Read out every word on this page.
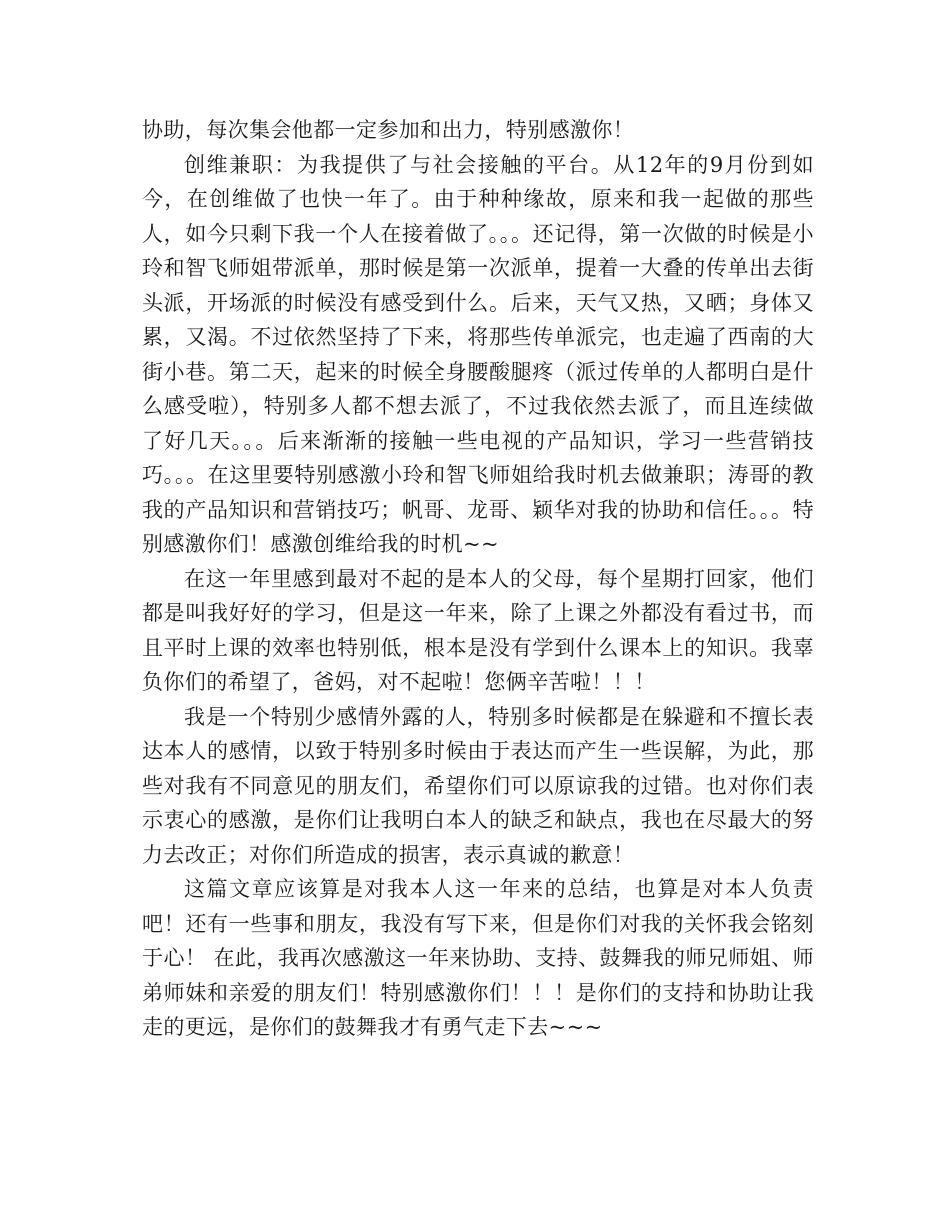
协助，每次集会他都一定参加和出力，特别感激你！

创维兼职：为我提供了与社会接触的平台。从12年的9月份到如今，在创维做了也快一年了。由于种种缘故，原来和我一起做的那些人，如今只剩下我一个人在接着做了。。。还记得，第一次做的时候是小玲和智飞师姐带派单，那时候是第一次派单，提着一大叠的传单出去街头派，开场派的时候没有感受到什么。后来，天气又热，又晒；身体又累，又渴。不过依然坚持了下来，将那些传单派完，也走遍了西南的大街小巷。第二天，起来的时候全身腰酸腿疼（派过传单的人都明白是什么感受啦），特别多人都不想去派了，不过我依然去派了，而且连续做了好几天。。。后来渐渐的接触一些电视的产品知识，学习一些营销技巧。。。在这里要特别感激小玲和智飞师姐给我时机去做兼职；涛哥的教我的产品知识和营销技巧；帆哥、龙哥、颖华对我的协助和信任。。。特别感激你们！感激创维给我的时机~~

在这一年里感到最对不起的是本人的父母，每个星期打回家，他们都是叫我好好的学习，但是这一年来，除了上课之外都没有看过书，而且平时上课的效率也特别低，根本是没有学到什么课本上的知识。我辜负你们的希望了，爸妈，对不起啦！您俩辛苦啦！！！

我是一个特别少感情外露的人，特别多时候都是在躲避和不擅长表达本人的感情，以致于特别多时候由于表达而产生一些误解，为此，那些对我有不同意见的朋友们，希望你们可以原谅我的过错。也对你们表示衷心的感激，是你们让我明白本人的缺乏和缺点，我也在尽最大的努力去改正；对你们所造成的损害，表示真诚的歉意！

这篇文章应该算是对我本人这一年来的总结，也算是对本人负责吧！还有一些事和朋友，我没有写下来，但是你们对我的关怀我会铭刻于心！ 在此，我再次感激这一年来协助、支持、鼓舞我的师兄师姐、师弟师妹和亲爱的朋友们！特别感激你们！！！是你们的支持和协助让我走的更远，是你们的鼓舞我才有勇气走下去~~~
